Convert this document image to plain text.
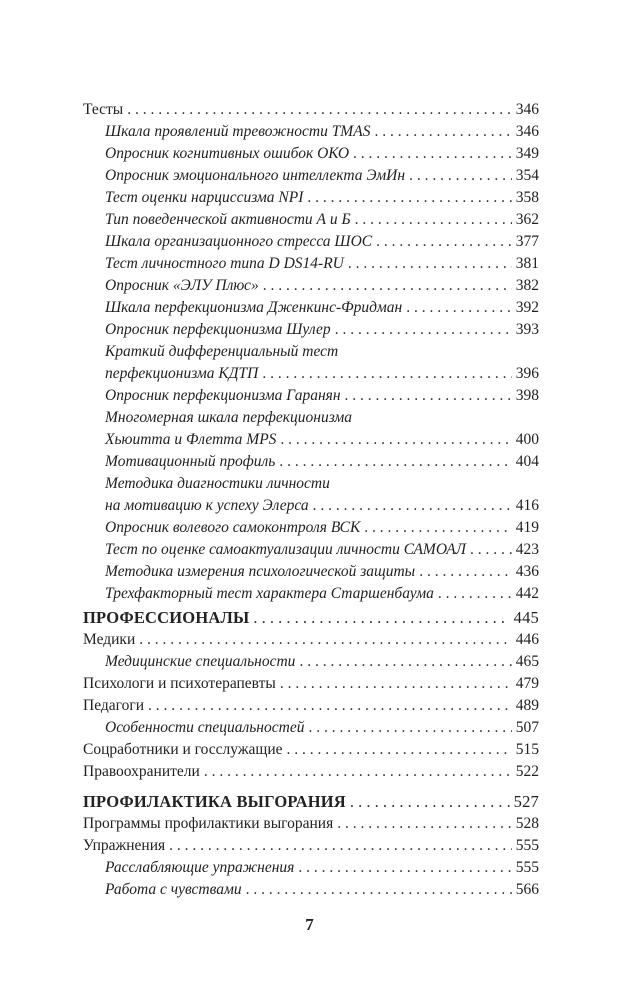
Тесты . . .	346
Шкала проявлений тревожности TMAS . . .	346
Опросник когнитивных ошибок ОКО . . .	349
Опросник эмоционального интеллекта ЭмИн . . .	354
Тест оценки нарциссизма NPI . . .	358
Тип поведенческой активности А и Б . . .	362
Шкала организационного стресса ШОС . . .	377
Тест личностного типа D DS14-RU . . .	381
Опросник «ЭЛУ Плюс» . . .	382
Шкала перфекционизма Дженкинс-Фридман . . .	392
Опросник перфекционизма Шулер . . .	393
Краткий дифференциальный тест
перфекционизма КДТП . . .	396
Опросник перфекционизма Гаранян . . .	398
Многомерная шкала перфекционизма
Хьюитта и Флетта MPS . . .	400
Мотивационный профиль . . .	404
Методика диагностики личности
на мотивацию к успеху Элерса . . .	416
Опросник волевого самоконтроля ВСК . . .	419
Тест по оценке самоактуализации личности САМОАЛ . . .	423
Методика измерения психологической защиты . . .	436
Трехфакторный тест характера Старшенбаума . . .	442
ПРОФЕССИОНАЛЫ . . .	445
Медики . . .	446
Медицинские специальности . . .	465
Психологи и психотерапевты . . .	479
Педагоги . . .	489
Особенности специальностей . . .	507
Соцработники и госслужащие . . .	515
Правоохранители . . .	522
ПРОФИЛАКТИКА ВЫГОРАНИЯ . . .	527
Программы профилактики выгорания . . .	528
Упражнения . . .	555
Расслабляющие упражнения . . .	555
Работа с чувствами . . .	566
7
